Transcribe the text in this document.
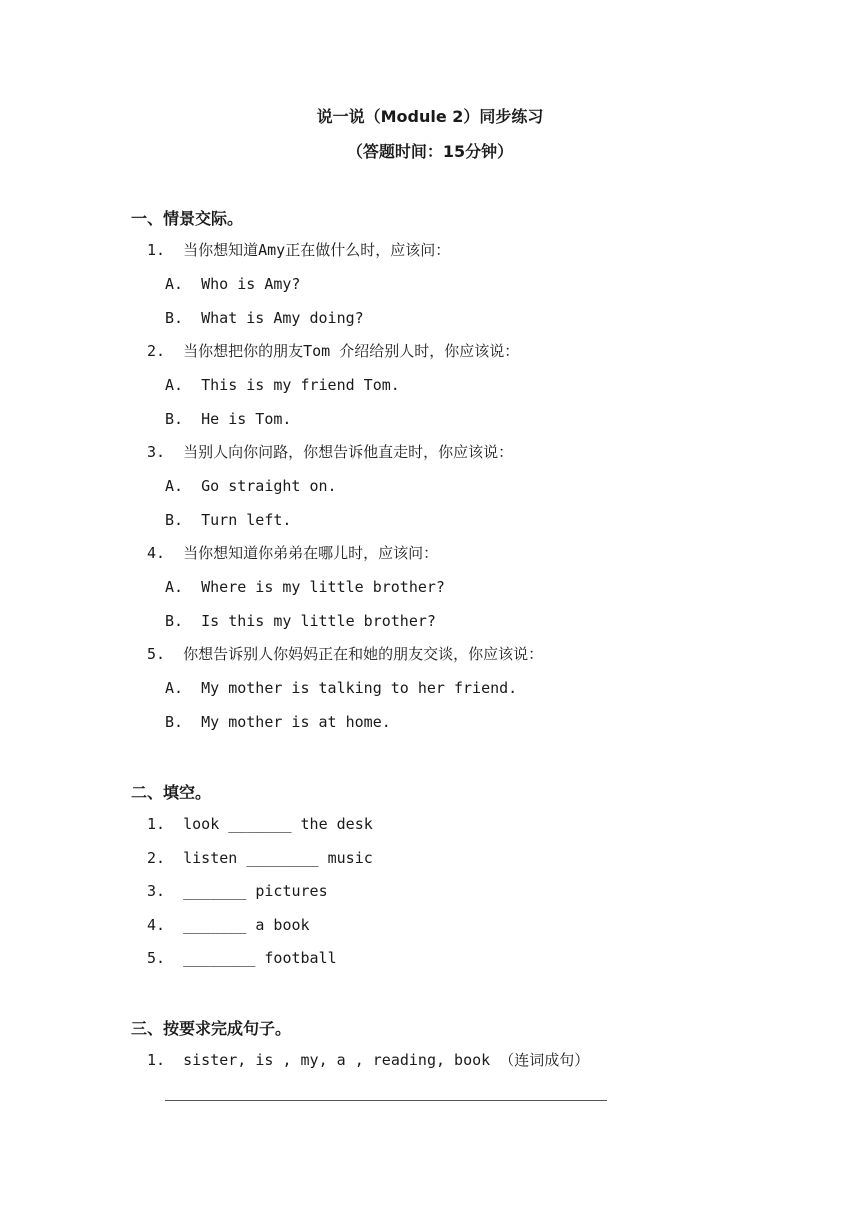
说一说（Module 2）同步练习
（答题时间：15分钟）
一、情景交际。
1.  当你想知道Amy正在做什么时，应该问：
A.  Who is Amy?
B.  What is Amy doing?
2.  当你想把你的朋友Tom 介绍给别人时，你应该说：
A.  This is my friend Tom.
B.  He is Tom.
3.  当别人向你问路，你想告诉他直走时，你应该说：
A.  Go straight on.
B.  Turn left.
4.  当你想知道你弟弟在哪儿时，应该问：
A.  Where is my little brother?
B.  Is this my little brother?
5.  你想告诉别人你妈妈正在和她的朋友交谈，你应该说：
A.  My mother is talking to her friend.
B.  My mother is at home.
二、填空。
1.  look _______ the desk
2.  listen ________ music
3.  _______ pictures
4.  _______ a book
5.  ________ football
三、按要求完成句子。
1.  sister, is , my, a , reading, book （连词成句）
